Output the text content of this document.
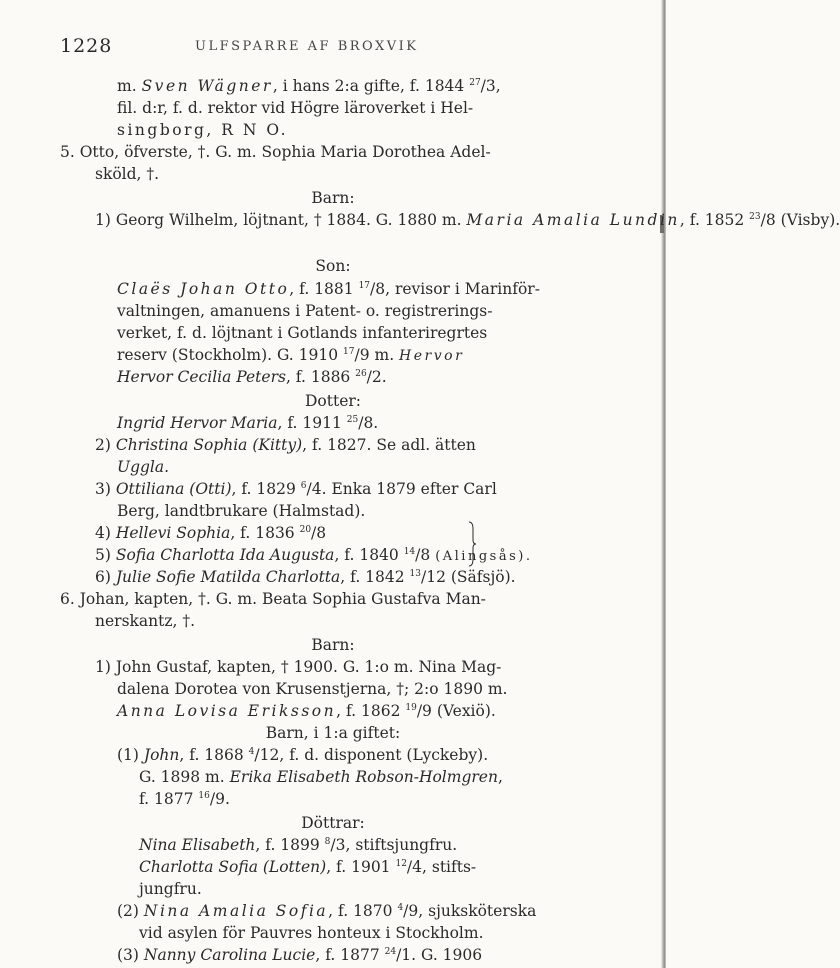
1228	ULFSPARRE AF BROXVIK
m. Sven Wägner, i hans 2:a gifte, f. 1844 $^{27}$/3,
fil. d:r, f. d. rektor vid Högre läroverket i Hel-
singborg, R N O.
5. Otto, öfverste, †. G. m. Sophia Maria Dorothea Adel-
sköld, †.
Barn:
1) Georg Wilhelm, löjtnant, † 1884. G. 1880 m. Maria Amalia Lundin, f. 1852 $^{23}$/8 (Visby).
Son:
Claës Johan Otto, f. 1881 $^{17}$/8, revisor i Marinför-
valtningen, amanuens i Patent- o. registrerings-
verket, f. d. löjtnant i Gotlands infanteriregrtes
reserv (Stockholm). G. 1910 $^{17}$/9 m. Hervor
Hervor Cecilia Peters, f. 1886 $^{26}$/2.
Dotter:
Ingrid Hervor Maria, f. 1911 $^{25}$/8.
2) Christina Sophia (Kitty), f. 1827. Se adl. ätten
Uggla.
3) Ottiliana (Otti), f. 1829 $^6$/4. Enka 1879 efter Carl
Berg, landtbrukare (Halmstad).
4) Hellevi Sophia, f. 1836 $^{20}$/8
5) Sofia Charlotta Ida Augusta, f. 1840 $^{14}$/8 (Alingsås).
6) Julie Sofie Matilda Charlotta, f. 1842 $^{13}$/12 (Säfsjö).
6. Johan, kapten, †. G. m. Beata Sophia Gustafva Man-
nerskantz, †.
Barn:
1) John Gustaf, kapten, † 1900. G. 1:o m. Nina Mag-
dalena Dorotea von Krusenstjerna, †; 2:o 1890 m.
Anna Lovisa Eriksson, f. 1862 $^{19}$/9 (Vexiö).
Barn, i 1:a giftet:
(1) John, f. 1868 $^4$/12, f. d. disponent (Lyckeby).
G. 1898 m. Erika Elisabeth Robson-Holmgren,
f. 1877 $^{16}$/9.
Döttrar:
Nina Elisabeth, f. 1899 $^8$/3, stiftsjungfru.
Charlotta Sofia (Lotten), f. 1901 $^{12}$/4, stifts-
jungfru.
(2) Nina Amalia Sofia, f. 1870 $^4$/9, sjuksköterska
vid asylen för Pauvres honteux i Stockholm.
(3) Nanny Carolina Lucie, f. 1877 $^{24}$/1. G. 1906
